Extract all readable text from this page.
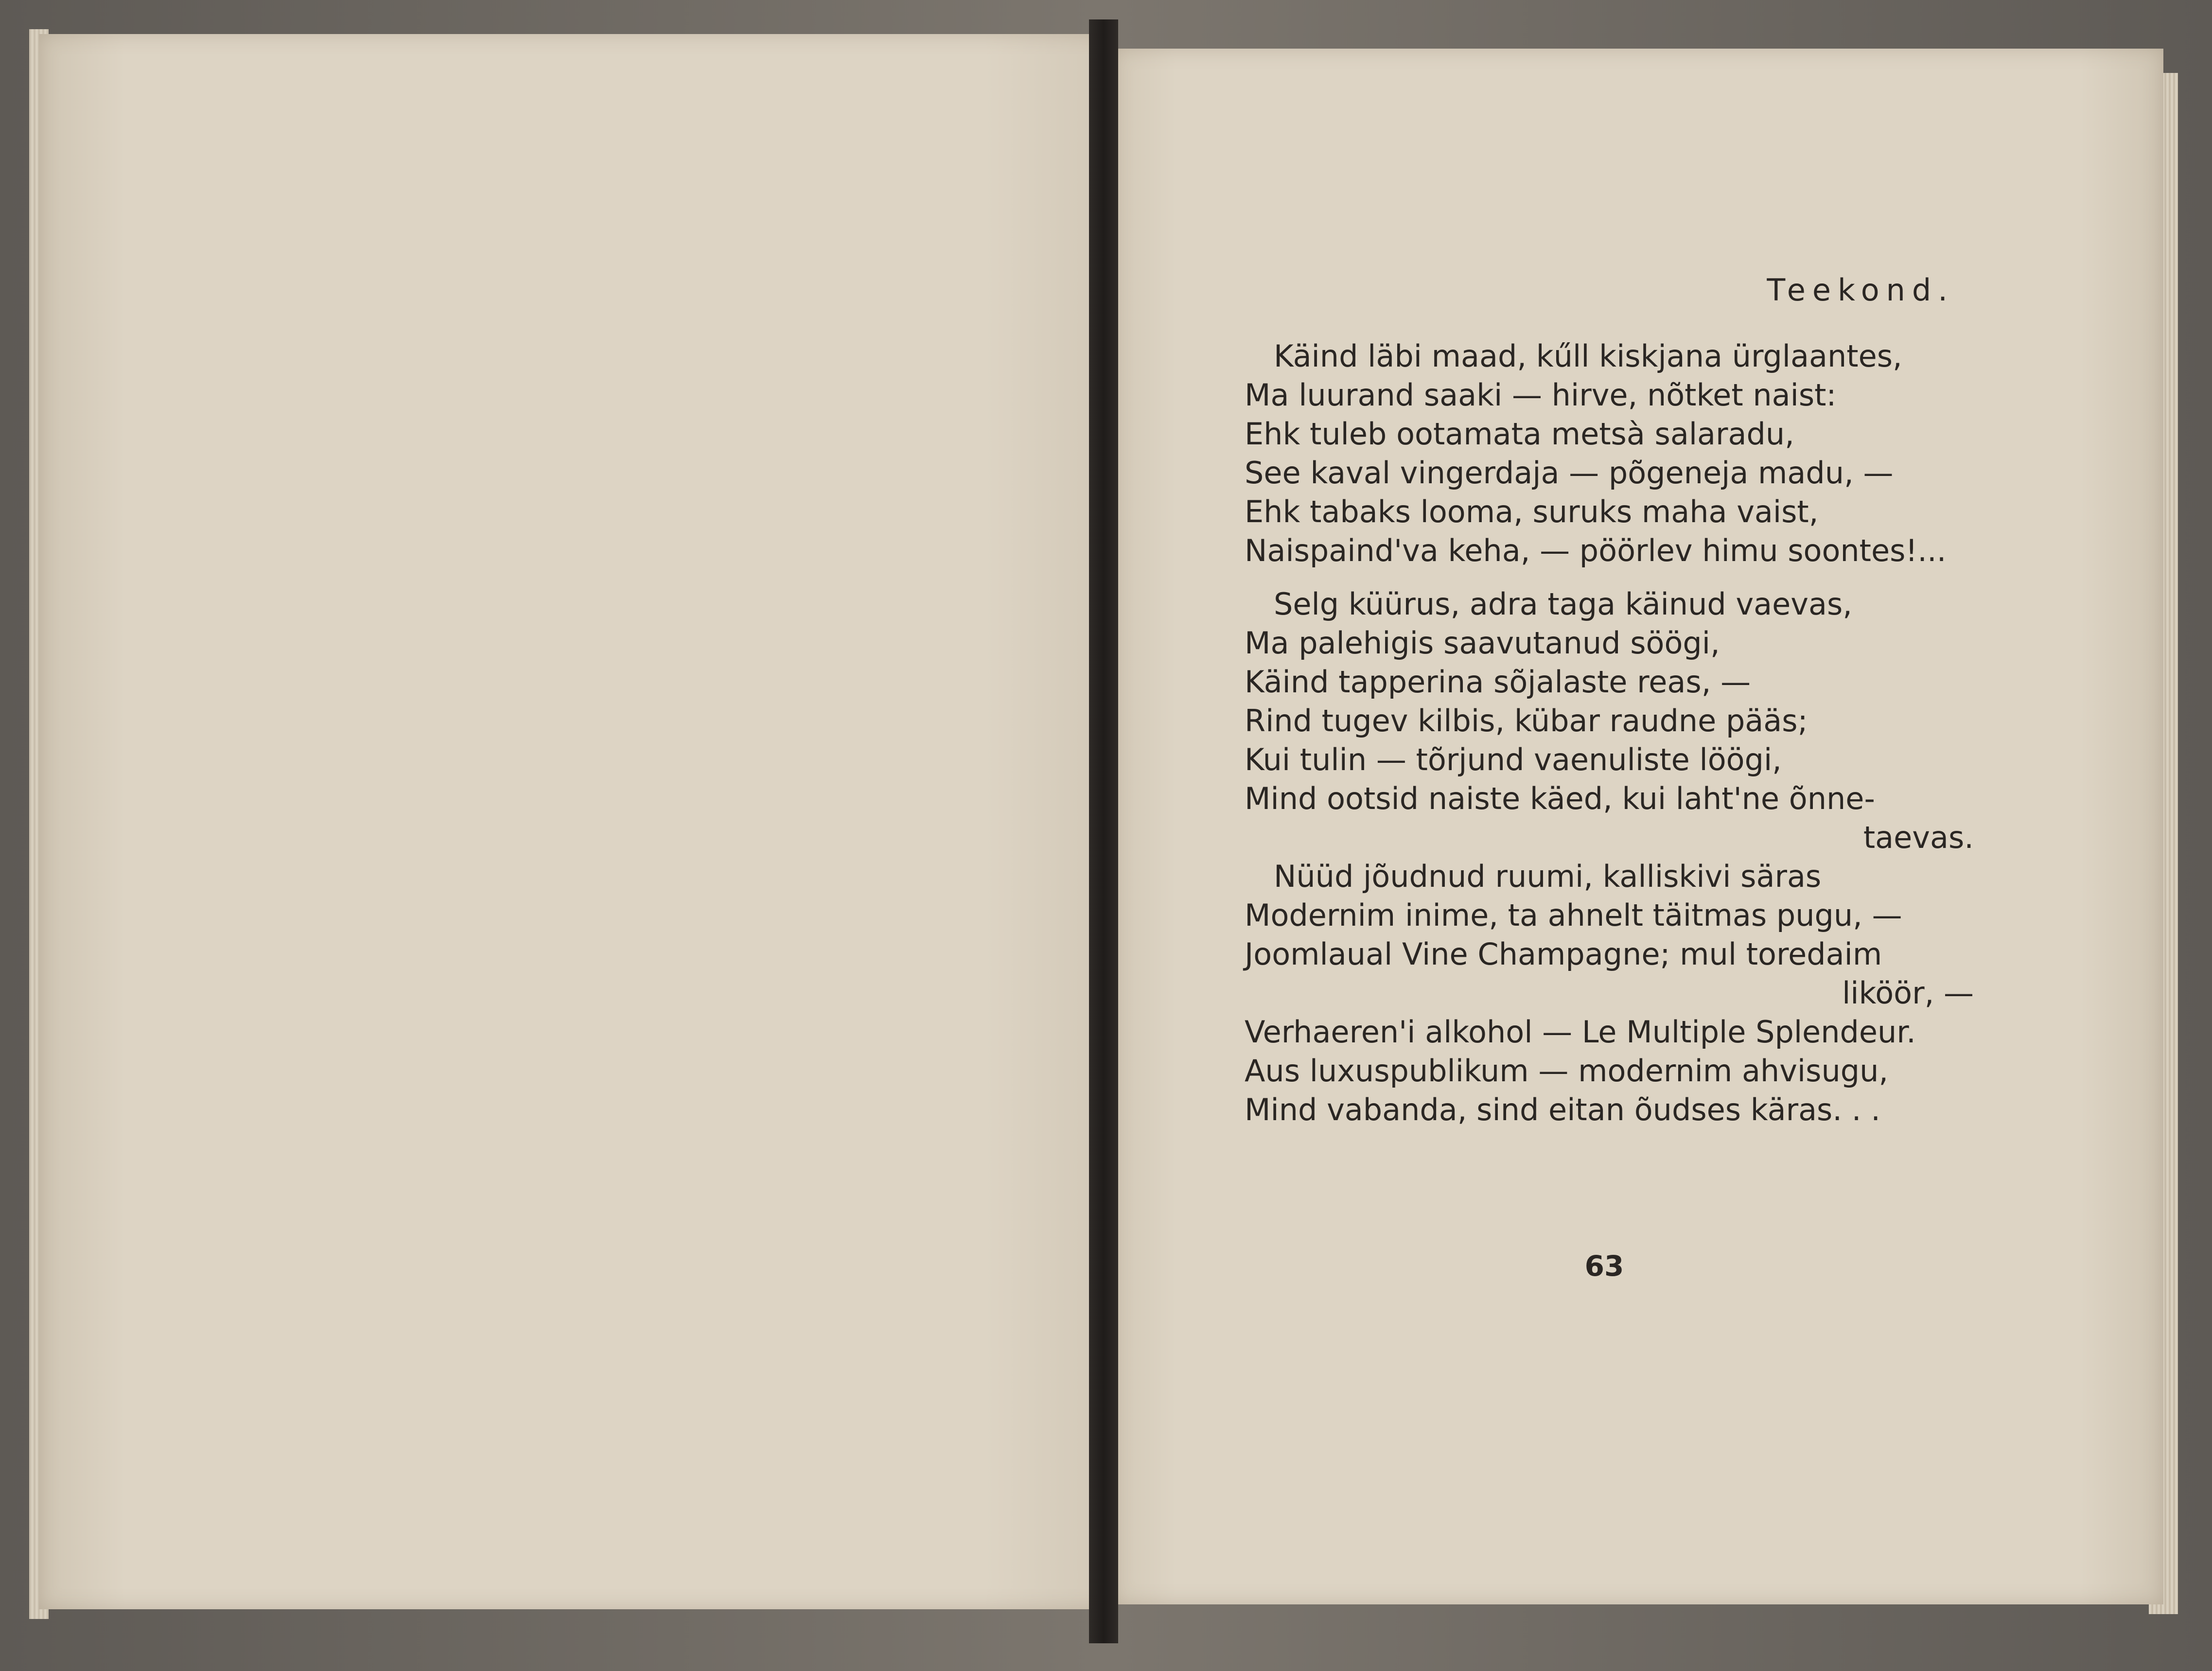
Teekond.
Käind läbi maad, kűll kiskjana ürglaantes,
Ma luurand saaki — hirve, nõtket naist:
Ehk tuleb ootamata metsà salaradu,
See kaval vingerdaja — põgeneja madu, —
Ehk tabaks looma, suruks maha vaist,
Naispaind'va keha, — pöörlev himu soontes!...
Selg küürus, adra taga käinud vaevas,
Ma palehigis saavutanud söögi,
Käind tapperina sõjalaste reas, —
Rind tugev kilbis, kübar raudne pääs;
Kui tulin — tõrjund vaenuliste löögi,
Mind ootsid naiste käed, kui laht'ne õnne-
taevas.
Nüüd jõudnud ruumi, kalliskivi säras
Modernim inime, ta ahnelt täitmas pugu, —
Joomlaual Vine Champagne; mul toredaim
liköör, —
Verhaeren'i alkohol — Le Multiple Splendeur.
Aus luxuspublikum — modernim ahvisugu,
Mind vabanda, sind eitan õudses käras. . .
63
